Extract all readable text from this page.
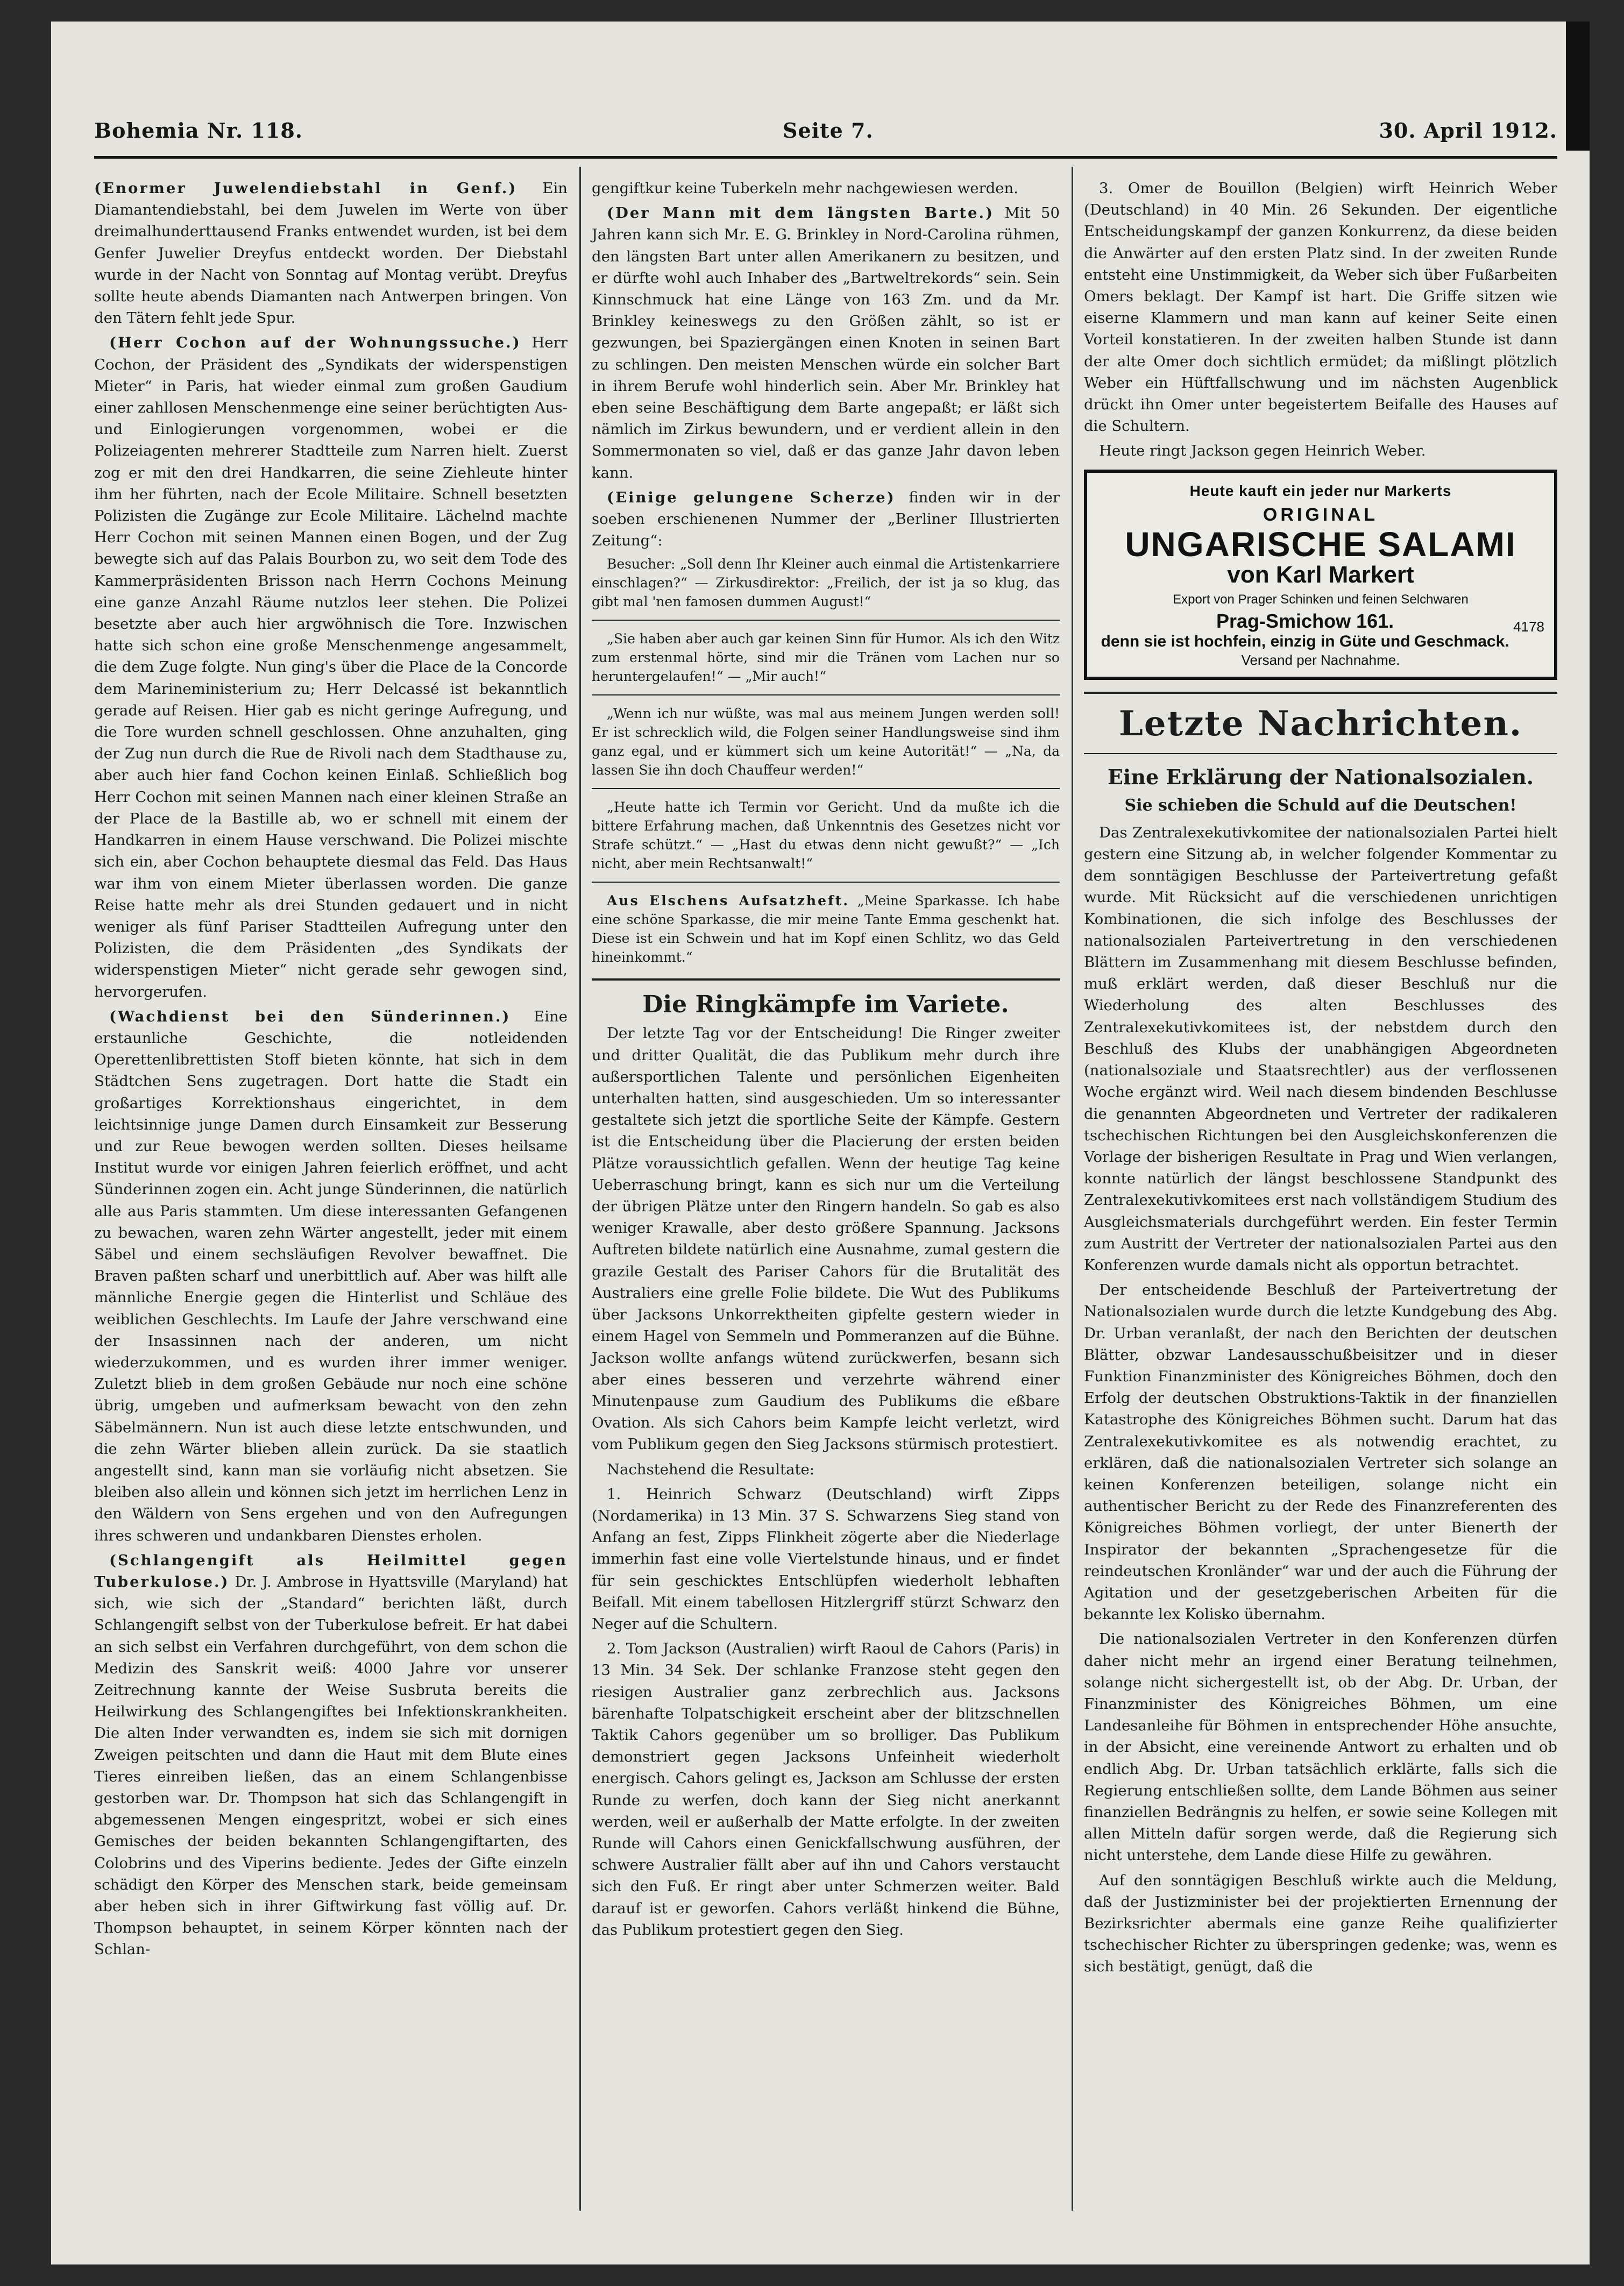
Bohemia Nr. 118.	Seite 7.	30. April 1912.

(Enormer Juwelendiebstahl in Genf.) Ein Diamantendiebstahl, bei dem Juwelen im Werte von über dreimalhunderttausend Franks entwendet wurden, ist bei dem Genfer Juwelier Dreyfus entdeckt worden. Der Diebstahl wurde in der Nacht von Sonntag auf Montag verübt. Dreyfus sollte heute abends Diamanten nach Antwerpen bringen. Von den Tätern fehlt jede Spur.

(Herr Cochon auf der Wohnungssuche.) Herr Cochon, der Präsident des „Syndikats der widerspenstigen Mieter“ in Paris, hat wieder einmal zum großen Gaudium einer zahllosen Menschenmenge eine seiner berüchtigten Aus- und Einlogierungen vorgenommen, wobei er die Polizeiagenten mehrerer Stadtteile zum Narren hielt. Zuerst zog er mit den drei Handkarren, die seine Ziehleute hinter ihm her führten, nach der Ecole Militaire. Schnell besetzten Polizisten die Zugänge zur Ecole Militaire. Lächelnd machte Herr Cochon mit seinen Mannen einen Bogen, und der Zug bewegte sich auf das Palais Bourbon zu, wo seit dem Tode des Kammerpräsidenten Brisson nach Herrn Cochons Meinung eine ganze Anzahl Räume nutzlos leer stehen. Die Polizei besetzte aber auch hier argwöhnisch die Tore. Inzwischen hatte sich schon eine große Menschenmenge angesammelt, die dem Zuge folgte. Nun ging's über die Place de la Concorde dem Marineministerium zu; Herr Delcassé ist bekanntlich gerade auf Reisen. Hier gab es nicht geringe Aufregung, und die Tore wurden schnell geschlossen. Ohne anzuhalten, ging der Zug nun durch die Rue de Rivoli nach dem Stadthause zu, aber auch hier fand Cochon keinen Einlaß. Schließlich bog Herr Cochon mit seinen Mannen nach einer kleinen Straße an der Place de la Bastille ab, wo er schnell mit einem der Handkarren in einem Hause verschwand. Die Polizei mischte sich ein, aber Cochon behauptete diesmal das Feld. Das Haus war ihm von einem Mieter überlassen worden. Die ganze Reise hatte mehr als drei Stunden gedauert und in nicht weniger als fünf Pariser Stadtteilen Aufregung unter den Polizisten, die dem Präsidenten „des Syndikats der widerspenstigen Mieter“ nicht gerade sehr gewogen sind, hervorgerufen.

(Wachdienst bei den Sünderinnen.) Eine erstaunliche Geschichte, die notleidenden Operettenlibrettisten Stoff bieten könnte, hat sich in dem Städtchen Sens zugetragen. Dort hatte die Stadt ein großartiges Korrektionshaus eingerichtet, in dem leichtsinnige junge Damen durch Einsamkeit zur Besserung und zur Reue bewogen werden sollten. Dieses heilsame Institut wurde vor einigen Jahren feierlich eröffnet, und acht Sünderinnen zogen ein. Acht junge Sünderinnen, die natürlich alle aus Paris stammten. Um diese interessanten Gefangenen zu bewachen, waren zehn Wärter angestellt, jeder mit einem Säbel und einem sechsläufigen Revolver bewaffnet. Die Braven paßten scharf und unerbittlich auf. Aber was hilft alle männliche Energie gegen die Hinterlist und Schläue des weiblichen Geschlechts. Im Laufe der Jahre verschwand eine der Insassinnen nach der anderen, um nicht wiederzukommen, und es wurden ihrer immer weniger. Zuletzt blieb in dem großen Gebäude nur noch eine schöne übrig, umgeben und aufmerksam bewacht von den zehn Säbelmännern. Nun ist auch diese letzte entschwunden, und die zehn Wärter blieben allein zurück. Da sie staatlich angestellt sind, kann man sie vorläufig nicht absetzen. Sie bleiben also allein und können sich jetzt im herrlichen Lenz in den Wäldern von Sens ergehen und von den Aufregungen ihres schweren und undankbaren Dienstes erholen.

(Schlangengift als Heilmittel gegen Tuberkulose.) Dr. J. Ambrose in Hyattsville (Maryland) hat sich, wie sich der „Standard“ berichten läßt, durch Schlangengift selbst von der Tuberkulose befreit. Er hat dabei an sich selbst ein Verfahren durchgeführt, von dem schon die Medizin des Sanskrit weiß: 4000 Jahre vor unserer Zeitrechnung kannte der Weise Susbruta bereits die Heilwirkung des Schlangengiftes bei Infektionskrankheiten. Die alten Inder verwandten es, indem sie sich mit dornigen Zweigen peitschten und dann die Haut mit dem Blute eines Tieres einreiben ließen, das an einem Schlangenbisse gestorben war. Dr. Thompson hat sich das Schlangengift in abgemessenen Mengen eingespritzt, wobei er sich eines Gemisches der beiden bekannten Schlangengiftarten, des Colobrins und des Viperins bediente. Jedes der Gifte einzeln schädigt den Körper des Menschen stark, beide gemeinsam aber heben sich in ihrer Giftwirkung fast völlig auf. Dr. Thompson behauptet, in seinem Körper könnten nach der Schlan-

gengiftkur keine Tuberkeln mehr nachgewiesen werden.

(Der Mann mit dem längsten Barte.) Mit 50 Jahren kann sich Mr. E. G. Brinkley in Nord-Carolina rühmen, den längsten Bart unter allen Amerikanern zu besitzen, und er dürfte wohl auch Inhaber des „Bartweltrekords“ sein. Sein Kinnschmuck hat eine Länge von 163 Zm. und da Mr. Brinkley keineswegs zu den Größen zählt, so ist er gezwungen, bei Spaziergängen einen Knoten in seinen Bart zu schlingen. Den meisten Menschen würde ein solcher Bart in ihrem Berufe wohl hinderlich sein. Aber Mr. Brinkley hat eben seine Beschäftigung dem Barte angepaßt; er läßt sich nämlich im Zirkus bewundern, und er verdient allein in den Sommermonaten so viel, daß er das ganze Jahr davon leben kann.

(Einige gelungene Scherze) finden wir in der soeben erschienenen Nummer der „Berliner Illustrierten Zeitung“:

Besucher: „Soll denn Ihr Kleiner auch einmal die Artistenkarriere einschlagen?“ — Zirkusdirektor: „Freilich, der ist ja so klug, das gibt mal 'nen famosen dummen August!“

„Sie haben aber auch gar keinen Sinn für Humor. Als ich den Witz zum erstenmal hörte, sind mir die Tränen vom Lachen nur so heruntergelaufen!“ — „Mir auch!“

„Wenn ich nur wüßte, was mal aus meinem Jungen werden soll! Er ist schrecklich wild, die Folgen seiner Handlungsweise sind ihm ganz egal, und er kümmert sich um keine Autorität!“ — „Na, da lassen Sie ihn doch Chauffeur werden!“

„Heute hatte ich Termin vor Gericht. Und da mußte ich die bittere Erfahrung machen, daß Unkenntnis des Gesetzes nicht vor Strafe schützt.“ — „Hast du etwas denn nicht gewußt?“ — „Ich nicht, aber mein Rechtsanwalt!“

Aus Elschens Aufsatzheft. „Meine Sparkasse. Ich habe eine schöne Sparkasse, die mir meine Tante Emma geschenkt hat. Diese ist ein Schwein und hat im Kopf einen Schlitz, wo das Geld hineinkommt.“

Die Ringkämpfe im Variete.

Der letzte Tag vor der Entscheidung! Die Ringer zweiter und dritter Qualität, die das Publikum mehr durch ihre außersportlichen Talente und persönlichen Eigenheiten unterhalten hatten, sind ausgeschieden. Um so interessanter gestaltete sich jetzt die sportliche Seite der Kämpfe. Gestern ist die Entscheidung über die Placierung der ersten beiden Plätze voraussichtlich gefallen. Wenn der heutige Tag keine Ueberraschung bringt, kann es sich nur um die Verteilung der übrigen Plätze unter den Ringern handeln. So gab es also weniger Krawalle, aber desto größere Spannung. Jacksons Auftreten bildete natürlich eine Ausnahme, zumal gestern die grazile Gestalt des Pariser Cahors für die Brutalität des Australiers eine grelle Folie bildete. Die Wut des Publikums über Jacksons Unkorrektheiten gipfelte gestern wieder in einem Hagel von Semmeln und Pommeranzen auf die Bühne. Jackson wollte anfangs wütend zurückwerfen, besann sich aber eines besseren und verzehrte während einer Minutenpause zum Gaudium des Publikums die eßbare Ovation. Als sich Cahors beim Kampfe leicht verletzt, wird vom Publikum gegen den Sieg Jacksons stürmisch protestiert.

Nachstehend die Resultate:

1. Heinrich Schwarz (Deutschland) wirft Zipps (Nordamerika) in 13 Min. 37 S. Schwarzens Sieg stand von Anfang an fest, Zipps Flinkheit zögerte aber die Niederlage immerhin fast eine volle Viertelstunde hinaus, und er findet für sein geschicktes Entschlüpfen wiederholt lebhaften Beifall. Mit einem tabellosen Hitzlergriff stürzt Schwarz den Neger auf die Schultern.

2. Tom Jackson (Australien) wirft Raoul de Cahors (Paris) in 13 Min. 34 Sek. Der schlanke Franzose steht gegen den riesigen Australier ganz zerbrechlich aus. Jacksons bärenhafte Tolpatschigkeit erscheint aber der blitzschnellen Taktik Cahors gegenüber um so brolliger. Das Publikum demonstriert gegen Jacksons Unfeinheit wiederholt energisch. Cahors gelingt es, Jackson am Schlusse der ersten Runde zu werfen, doch kann der Sieg nicht anerkannt werden, weil er außerhalb der Matte erfolgte. In der zweiten Runde will Cahors einen Genickfallschwung ausführen, der schwere Australier fällt aber auf ihn und Cahors verstaucht sich den Fuß. Er ringt aber unter Schmerzen weiter. Bald darauf ist er geworfen. Cahors verläßt hinkend die Bühne, das Publikum protestiert gegen den Sieg.

3. Omer de Bouillon (Belgien) wirft Heinrich Weber (Deutschland) in 40 Min. 26 Sekunden. Der eigentliche Entscheidungskampf der ganzen Konkurrenz, da diese beiden die Anwärter auf den ersten Platz sind. In der zweiten Runde entsteht eine Unstimmigkeit, da Weber sich über Fußarbeiten Omers beklagt. Der Kampf ist hart. Die Griffe sitzen wie eiserne Klammern und man kann auf keiner Seite einen Vorteil konstatieren. In der zweiten halben Stunde ist dann der alte Omer doch sichtlich ermüdet; da mißlingt plötzlich Weber ein Hüftfallschwung und im nächsten Augenblick drückt ihn Omer unter begeistertem Beifalle des Hauses auf die Schultern.

Heute ringt Jackson gegen Heinrich Weber.

Heute kauft ein jeder nur Markerts
ORIGINAL
UNGARISCHE SALAMI
von Karl Markert
Export von Prager Schinken und feinen Selchwaren
Prag-Smichow 161.	4178
denn sie ist hochfein, einzig in Güte und Geschmack. Versand per Nachnahme.
Letzte Nachrichten.
Eine Erklärung der Nationalsozialen.
Sie schieben die Schuld auf die Deutschen!

Das Zentralexekutivkomitee der nationalsozialen Partei hielt gestern eine Sitzung ab, in welcher folgender Kommentar zu dem sonntägigen Beschlusse der Parteivertretung gefaßt wurde. Mit Rücksicht auf die verschiedenen unrichtigen Kombinationen, die sich infolge des Beschlusses der nationalsozialen Parteivertretung in den verschiedenen Blättern im Zusammenhang mit diesem Beschlusse befinden, muß erklärt werden, daß dieser Beschluß nur die Wiederholung des alten Beschlusses des Zentralexekutivkomitees ist, der nebstdem durch den Beschluß des Klubs der unabhängigen Abgeordneten (nationalsoziale und Staatsrechtler) aus der verflossenen Woche ergänzt wird. Weil nach diesem bindenden Beschlusse die genannten Abgeordneten und Vertreter der radikaleren tschechischen Richtungen bei den Ausgleichskonferenzen die Vorlage der bisherigen Resultate in Prag und Wien verlangen, konnte natürlich der längst beschlossene Standpunkt des Zentralexekutivkomitees erst nach vollständigem Studium des Ausgleichsmaterials durchgeführt werden. Ein fester Termin zum Austritt der Vertreter der nationalsozialen Partei aus den Konferenzen wurde damals nicht als opportun betrachtet.

Der entscheidende Beschluß der Parteivertretung der Nationalsozialen wurde durch die letzte Kundgebung des Abg. Dr. Urban veranlaßt, der nach den Berichten der deutschen Blätter, obzwar Landesausschußbeisitzer und in dieser Funktion Finanzminister des Königreiches Böhmen, doch den Erfolg der deutschen Obstruktions-Taktik in der finanziellen Katastrophe des Königreiches Böhmen sucht. Darum hat das Zentralexekutivkomitee es als notwendig erachtet, zu erklären, daß die nationalsozialen Vertreter sich solange an keinen Konferenzen beteiligen, solange nicht ein authentischer Bericht zu der Rede des Finanzreferenten des Königreiches Böhmen vorliegt, der unter Bienerth der Inspirator der bekannten „Sprachengesetze für die reindeutschen Kronländer“ war und der auch die Führung der Agitation und der gesetzgeberischen Arbeiten für die bekannte lex Kolisko übernahm.

Die nationalsozialen Vertreter in den Konferenzen dürfen daher nicht mehr an irgend einer Beratung teilnehmen, solange nicht sichergestellt ist, ob der Abg. Dr. Urban, der Finanzminister des Königreiches Böhmen, um eine Landesanleihe für Böhmen in entsprechender Höhe ansuchte, in der Absicht, eine vereinende Antwort zu erhalten und ob endlich Abg. Dr. Urban tatsächlich erklärte, falls sich die Regierung entschließen sollte, dem Lande Böhmen aus seiner finanziellen Bedrängnis zu helfen, er sowie seine Kollegen mit allen Mitteln dafür sorgen werde, daß die Regierung sich nicht unterstehe, dem Lande diese Hilfe zu gewähren.

Auf den sonntägigen Beschluß wirkte auch die Meldung, daß der Justizminister bei der projektierten Ernennung der Bezirksrichter abermals eine ganze Reihe qualifizierter tschechischer Richter zu überspringen gedenke; was, wenn es sich bestätigt, genügt, daß die
